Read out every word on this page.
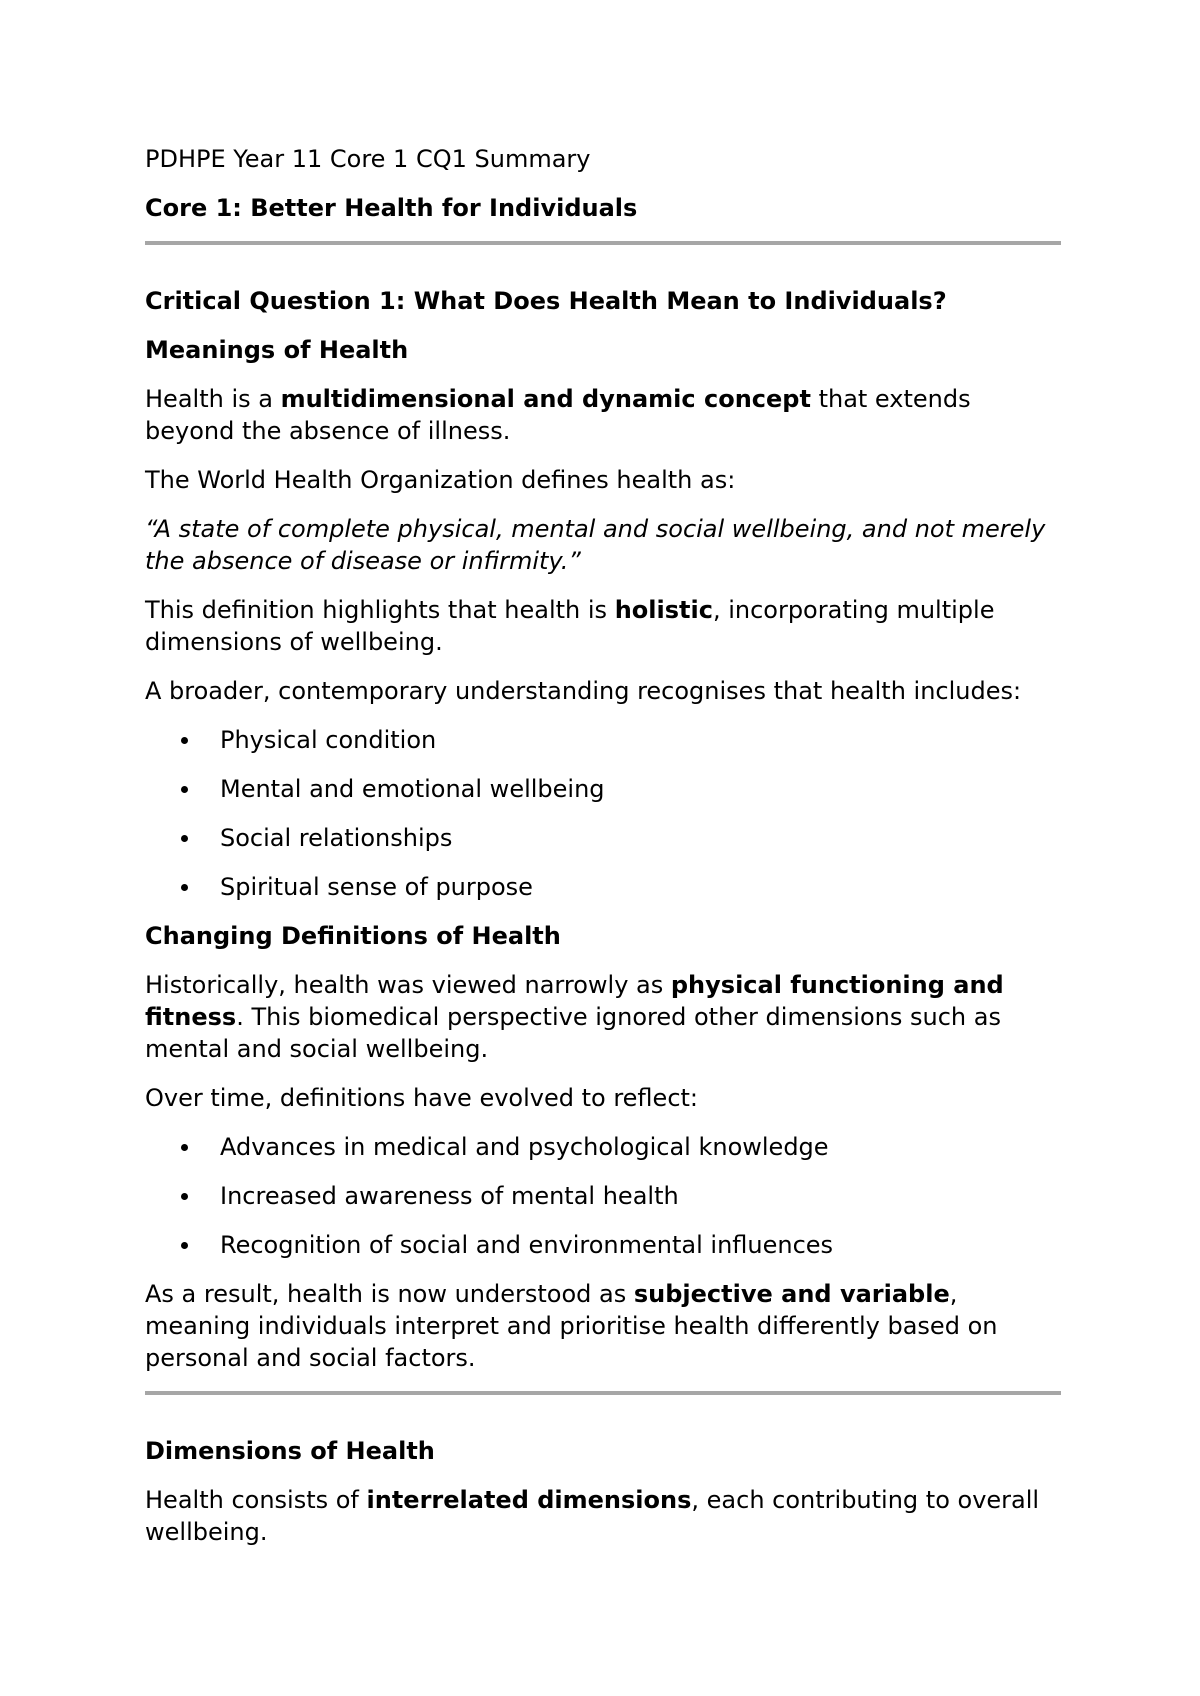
PDHPE Year 11 Core 1 CQ1 Summary

Core 1: Better Health for Individuals

Critical Question 1: What Does Health Mean to Individuals?

Meanings of Health

Health is a multidimensional and dynamic concept that extends beyond the absence of illness.

The World Health Organization defines health as:

“A state of complete physical, mental and social wellbeing, and not merely the absence of disease or infirmity.”

This definition highlights that health is holistic, incorporating multiple dimensions of wellbeing.

A broader, contemporary understanding recognises that health includes:

Physical condition
Mental and emotional wellbeing
Social relationships
Spiritual sense of purpose

Changing Definitions of Health

Historically, health was viewed narrowly as physical functioning and fitness. This biomedical perspective ignored other dimensions such as mental and social wellbeing.

Over time, definitions have evolved to reflect:

Advances in medical and psychological knowledge
Increased awareness of mental health
Recognition of social and environmental influences

As a result, health is now understood as subjective and variable, meaning individuals interpret and prioritise health differently based on personal and social factors.

Dimensions of Health

Health consists of interrelated dimensions, each contributing to overall wellbeing.
